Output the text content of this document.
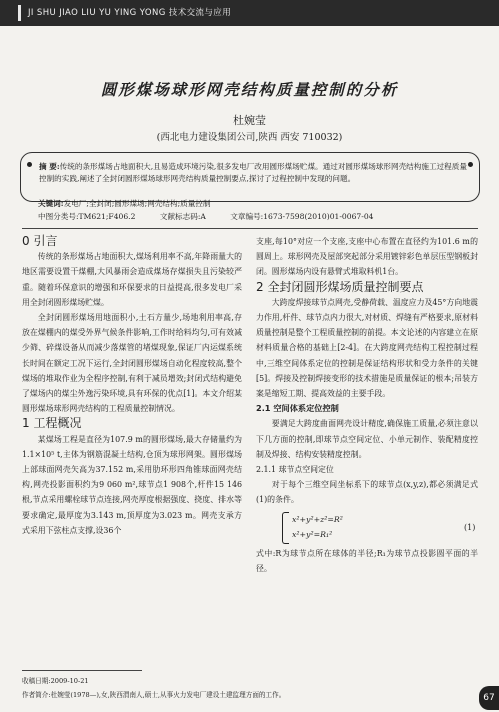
JI SHU JIAO LIU YU YING YONG 技术交流与应用
圆形煤场球形网壳结构质量控制的分析
杜婉莹
(西北电力建设集团公司,陕西 西安 710032)
摘 要:传统的条形煤场占地面积大,且易造成环境污染,很多发电厂改用圆形煤场贮煤。通过对圆形煤场球形网壳结构施工过程质量控制的实践,阐述了全封闭圆形煤场球形网壳结构质量控制要点,探讨了过程控制中发现的问题。
关键词:发电厂;全封闭;圆形煤场;网壳结构;质量控制
中图分类号:TM621;F406.2	文献标志码:A	文章编号:1673-7598(2010)01-0067-04

0 引言

传统的条形煤场占地面积大,煤场利用率不高,年降雨量大的地区需要设置干煤棚,大风暴雨会造成煤场存煤损失且污染较严重。随着环保意识的增强和环保要求的日益提高,很多发电厂采用全封闭圆形煤场贮煤。

全封闭圆形煤场用地面积小,土石方量少,场地利用率高,存放在煤棚内的煤受外界气候条件影响,工作时给料均匀,可有效减少筛、碎煤设备从而减少落煤管的堵煤现象,保证厂内运煤系统长时间在额定工况下运行,全封闭圆形煤场自动化程度较高,整个煤场的堆取作业为全程序控制,有利于减员增效;封闭式结构避免了煤场内的煤尘外逸污染环境,具有环保的优点[1]。本文介绍某圆形煤场球形网壳结构的工程质量控制情况。

1 工程概况

某煤场工程是直径为107.9 m的圆形煤场,最大存储量约为1.1×10⁵ t,主体为钢筋混凝土结构,仓顶为球形网架。圆形煤场上部球面网壳矢高为37.152 m,采用肋环形四角锥球面网壳结构,网壳投影面积约为9 060 m²,球节点1 908个,杆件15 146根,节点采用螺栓球节点连接,网壳厚度根据强度、挠度、排水等要求确定,最厚度为3.143 m,顶厚度为3.023 m。网壳支承方式采用下弦柱点支撑,设36个

支座,每10°对应一个支座,支座中心布置在直径约为101.6 m的圆周上。球形网壳及屋部突起部分采用镀锌彩色单层压型钢板封闭。圆形煤场内设有悬臂式堆取料机1台。

2 全封闭圆形煤场质量控制要点

大跨度焊接球节点网壳,受静荷载、温度应力及45°方向地震力作用,杆件、球节点内力很大,对材质、焊缝有严格要求,原材料质量控制是整个工程质量控制的前提。本文论述的内容建立在原材料质量合格的基础上[2-4]。在大跨度网壳结构工程控制过程中,三维空间体系定位的控制是保证结构形状和受力条件的关键[5]。焊接及控制焊接变形的技术措施是质量保证的根本;吊装方案是缩短工期、提高效益的主要手段。

2.1 空间体系定位控制

要满足大跨度曲面网壳设计精度,确保施工质量,必须注意以下几方面的控制,即球节点空间定位、小单元制作、装配精度控制及焊接、结构安装精度控制。

2.1.1 球节点空间定位

对于每个三维空间坐标系下的球节点(x,y,z),都必须满足式(1)的条件。

x²+y²+z²=R²
x²+y²=R₁²
(1)

式中:R为球节点所在球体的半径;R₁为球节点投影圆平面的半径。

收稿日期:2009-10-21
作者简介:杜婉莹(1978—),女,陕西渭南人,硕士,从事火力发电厂建设土建监理方面的工作。	67
